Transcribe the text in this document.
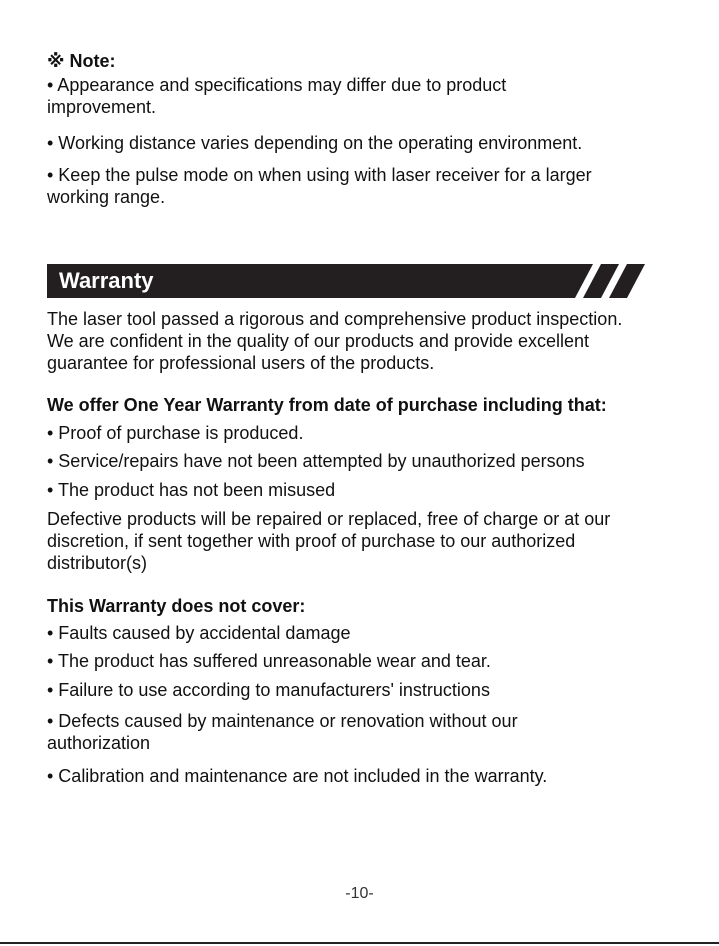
※ Note:

• Appearance and specifications may differ due to product improvement.

• Working distance varies depending on the operating environment.

• Keep the pulse mode on when using with laser receiver for a larger working range.

The laser tool passed a rigorous and comprehensive product inspection. We are confident in the quality of our products and provide excellent guarantee for professional users of the products.

We offer One Year Warranty from date of purchase including that:

• Proof of purchase is produced.

• Service/repairs have not been attempted by unauthorized persons

• The product has not been misused

Defective products will be repaired or replaced, free of charge or at our discretion, if sent together with proof of purchase to our authorized distributor(s)

This Warranty does not cover:

• Faults caused by accidental damage

• The product has suffered unreasonable wear and tear.

• Failure to use according to manufacturers' instructions

• Defects caused by maintenance or renovation without our authorization

• Calibration and maintenance are not included in the warranty.

Warranty
-10-
